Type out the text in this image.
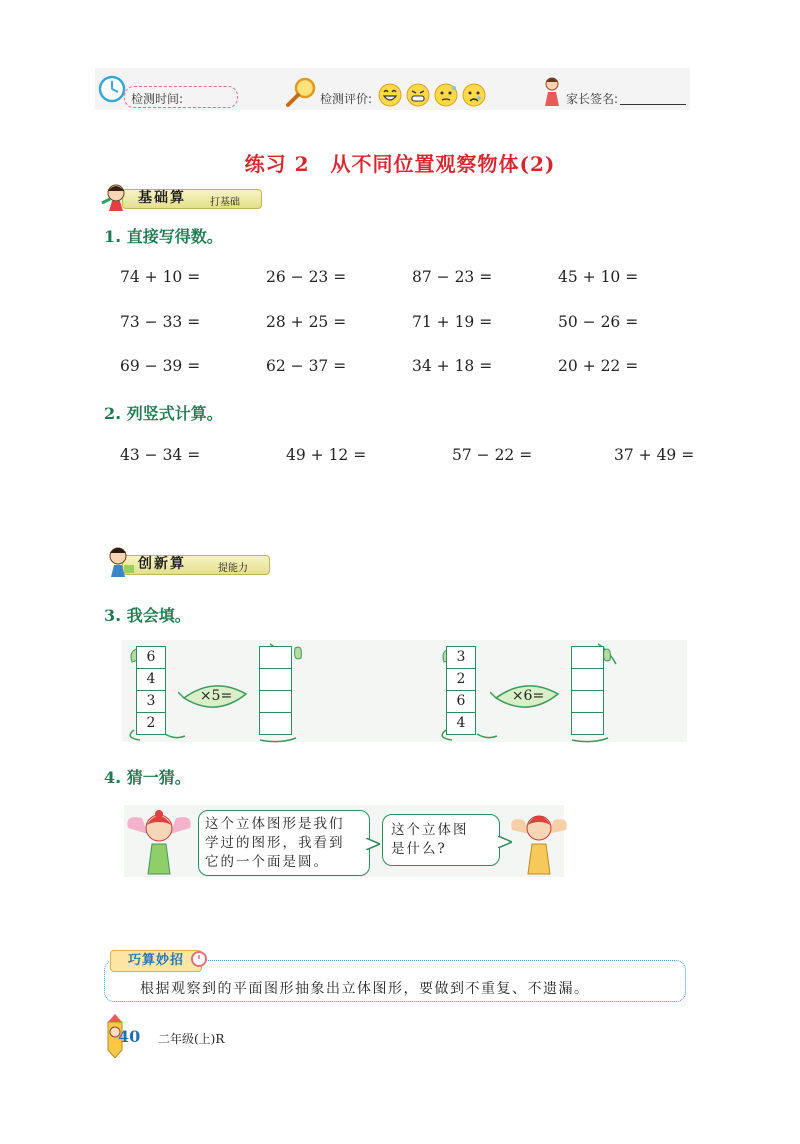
检测时间:	检测评价:	家长签名:
练习 2　从不同位置观察物体(2)
基础算 打基础
1. 直接写得数。
74 + 10 =	26 − 23 =	87 − 23 =	45 + 10 =
73 − 33 =	28 + 25 =	71 + 19 =	50 − 26 =
69 − 39 =	62 − 37 =	34 + 18 =	20 + 22 =
2. 列竖式计算。
43 − 34 =	49 + 12 =	57 − 22 =	37 + 49 =
创新算	提能力
3. 我会填。
6
4
3
2
×5=
3
2
6
4
×6=
4. 猜一猜。
这个立体图形是我们
学过的图形，我看到
它的一个面是圆。
这个立体图
是什么?
巧算妙招
根据观察到的平面图形抽象出立体图形，要做到不重复、不遗漏。
40 二年级(上)R
